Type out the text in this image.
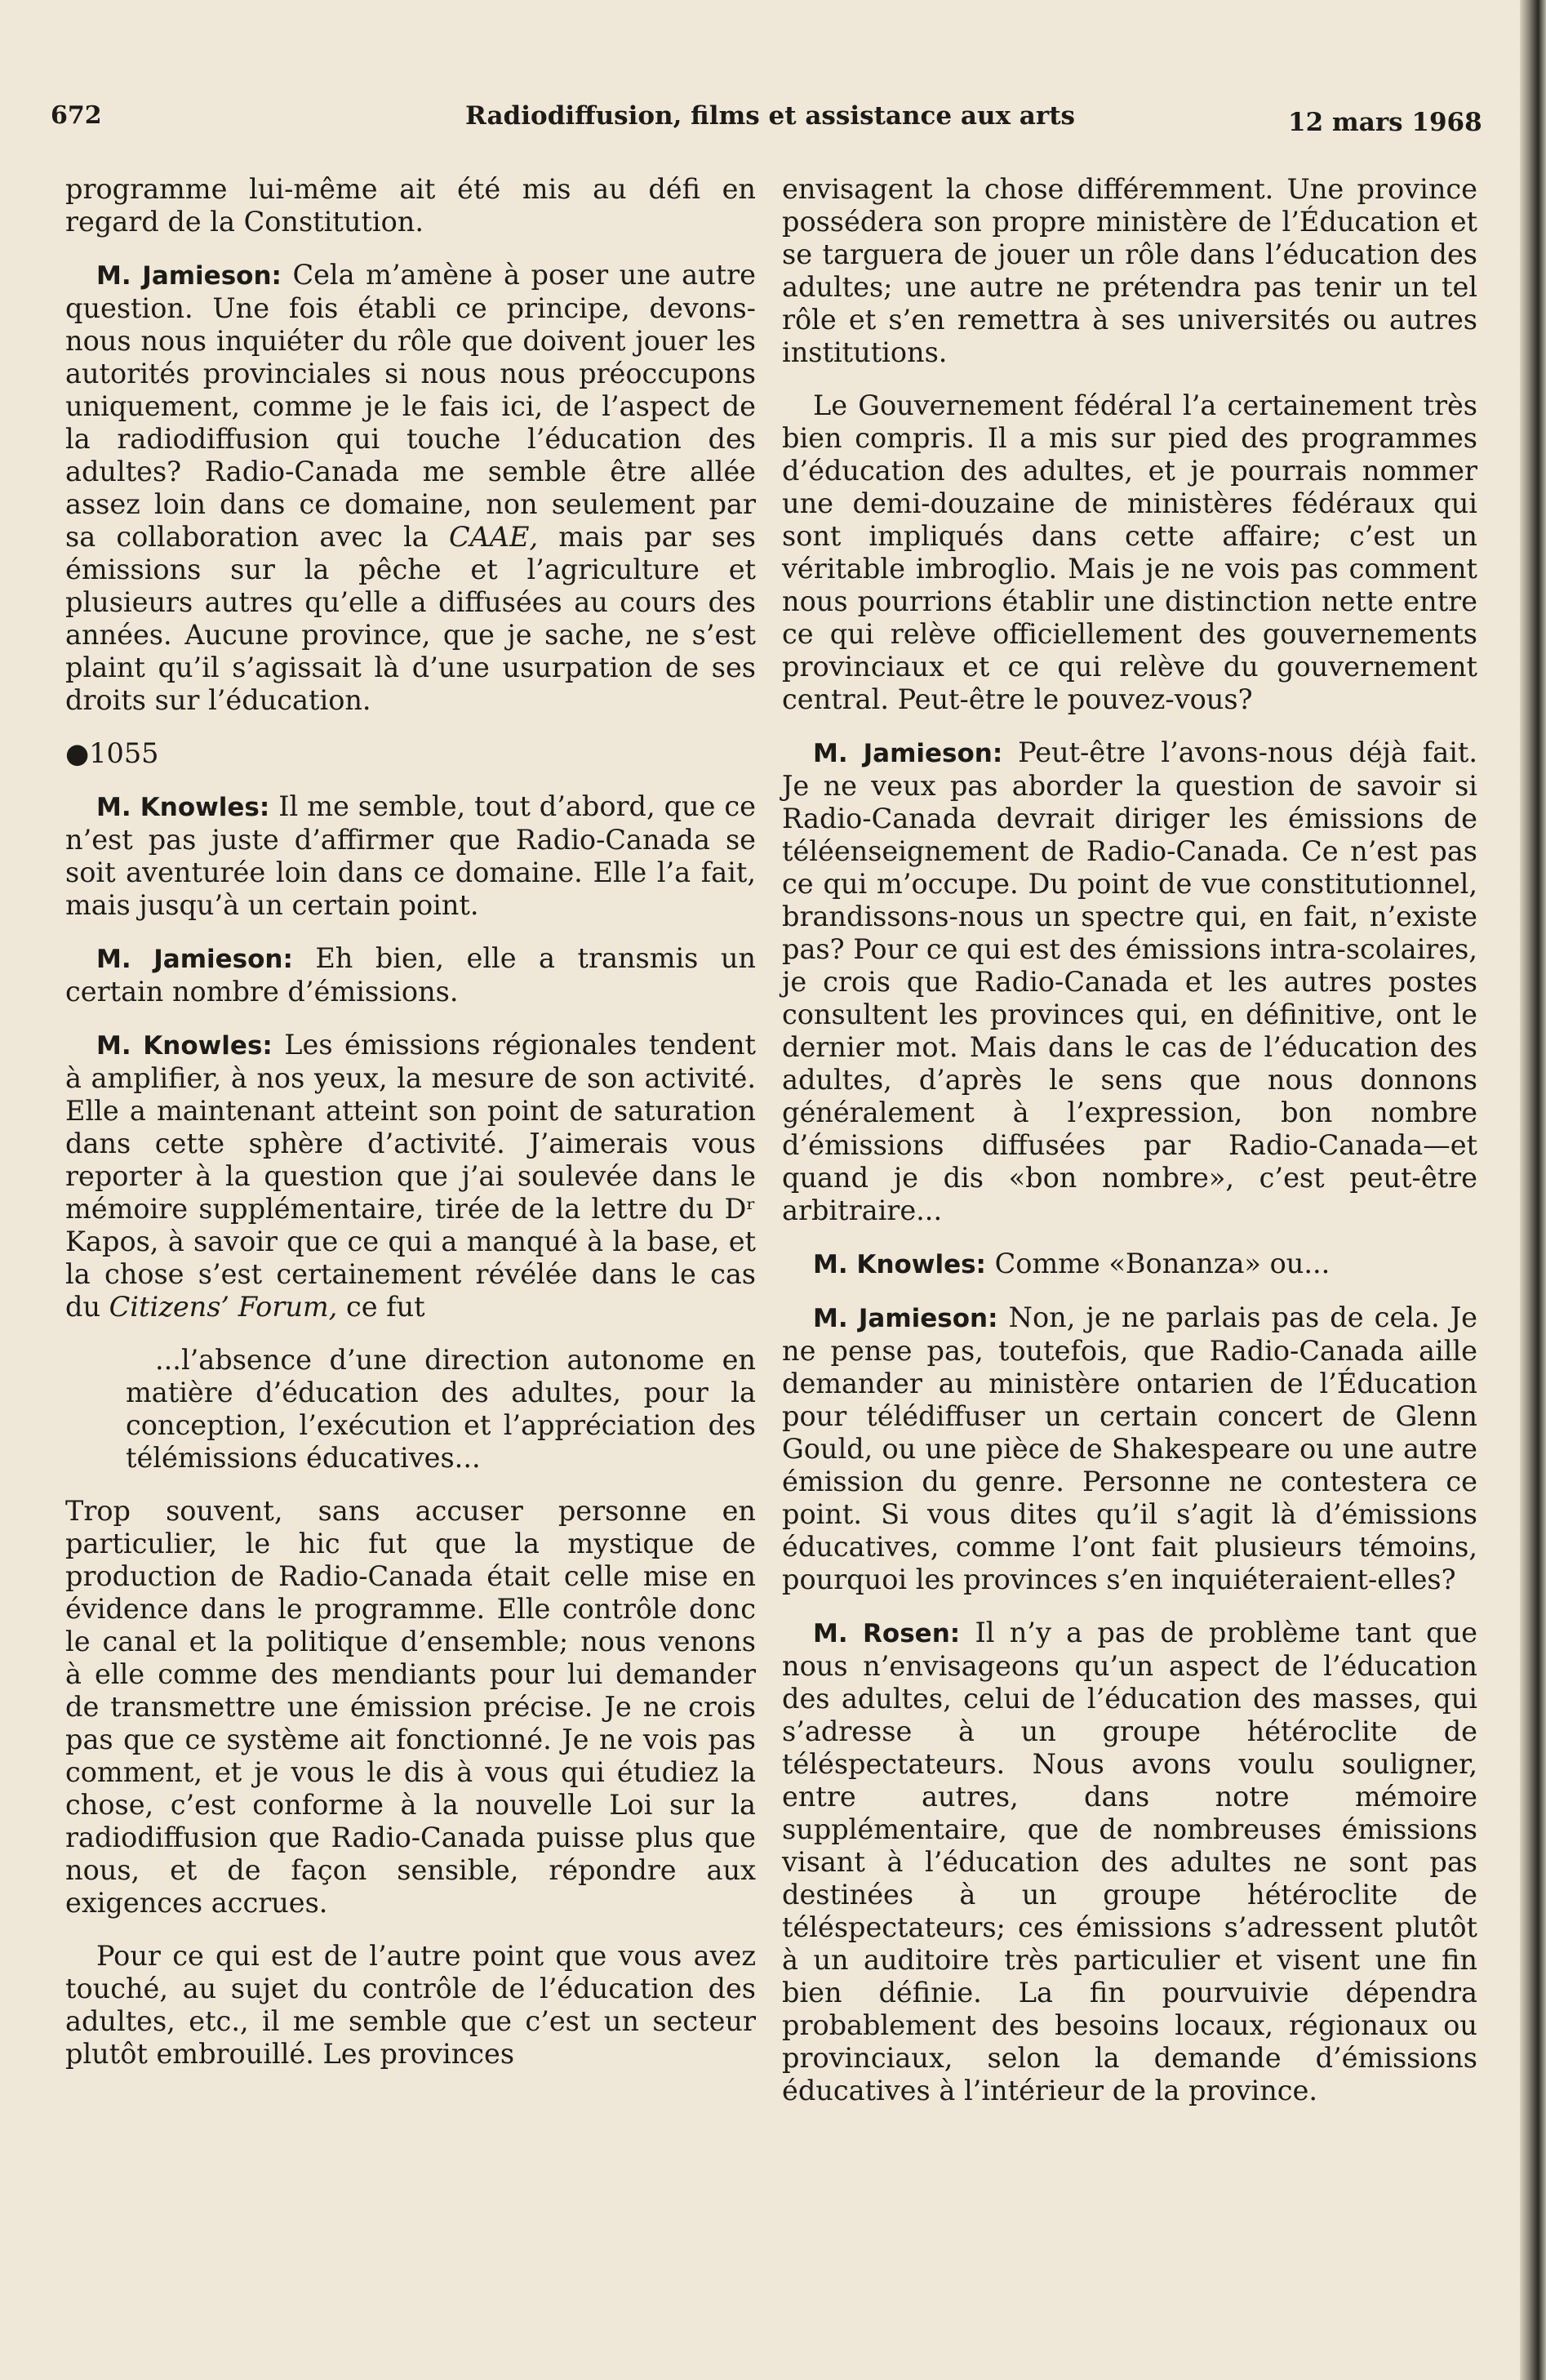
672	Radiodiffusion, films et assistance aux arts	12 mars 1968

programme lui-même ait été mis au défi en regard de la Constitution.

M. Jamieson: Cela m’amène à poser une autre question. Une fois établi ce principe, devons-nous nous inquiéter du rôle que doivent jouer les autorités provinciales si nous nous préoccupons uniquement, comme je le fais ici, de l’aspect de la radiodiffusion qui touche l’éducation des adultes? Radio-Canada me semble être allée assez loin dans ce domaine, non seulement par sa collaboration avec la CAAE, mais par ses émissions sur la pêche et l’agriculture et plusieurs autres qu’elle a diffusées au cours des années. Aucune province, que je sache, ne s’est plaint qu’il s’agissait là d’une usurpation de ses droits sur l’éducation.

●1055

M. Knowles: Il me semble, tout d’abord, que ce n’est pas juste d’affirmer que Radio-Canada se soit aventurée loin dans ce domaine. Elle l’a fait, mais jusqu’à un certain point.

M. Jamieson: Eh bien, elle a transmis un certain nombre d’émissions.

M. Knowles: Les émissions régionales tendent à amplifier, à nos yeux, la mesure de son activité. Elle a maintenant atteint son point de saturation dans cette sphère d’activité. J’aimerais vous reporter à la question que j’ai soulevée dans le mémoire supplémentaire, tirée de la lettre du Dʳ Kapos, à savoir que ce qui a manqué à la base, et la chose s’est certainement révélée dans le cas du Citizens’ Forum, ce fut

...l’absence d’une direction autonome en matière d’éducation des adultes, pour la conception, l’exécution et l’appréciation des télémissions éducatives...

Trop souvent, sans accuser personne en particulier, le hic fut que la mystique de production de Radio-Canada était celle mise en évidence dans le programme. Elle contrôle donc le canal et la politique d’ensemble; nous venons à elle comme des mendiants pour lui demander de transmettre une émission précise. Je ne crois pas que ce système ait fonctionné. Je ne vois pas comment, et je vous le dis à vous qui étudiez la chose, c’est conforme à la nouvelle Loi sur la radiodiffusion que Radio-Canada puisse plus que nous, et de façon sensible, répondre aux exigences accrues.

Pour ce qui est de l’autre point que vous avez touché, au sujet du contrôle de l’éducation des adultes, etc., il me semble que c’est un secteur plutôt embrouillé. Les provinces

envisagent la chose différemment. Une province possédera son propre ministère de l’Éducation et se targuera de jouer un rôle dans l’éducation des adultes; une autre ne prétendra pas tenir un tel rôle et s’en remettra à ses universités ou autres institutions.

Le Gouvernement fédéral l’a certainement très bien compris. Il a mis sur pied des programmes d’éducation des adultes, et je pourrais nommer une demi-douzaine de ministères fédéraux qui sont impliqués dans cette affaire; c’est un véritable imbroglio. Mais je ne vois pas comment nous pourrions établir une distinction nette entre ce qui relève officiellement des gouvernements provinciaux et ce qui relève du gouvernement central. Peut-être le pouvez-vous?

M. Jamieson: Peut-être l’avons-nous déjà fait. Je ne veux pas aborder la question de savoir si Radio-Canada devrait diriger les émissions de téléenseignement de Radio-Canada. Ce n’est pas ce qui m’occupe. Du point de vue constitutionnel, brandissons-nous un spectre qui, en fait, n’existe pas? Pour ce qui est des émissions intra-scolaires, je crois que Radio-Canada et les autres postes consultent les provinces qui, en définitive, ont le dernier mot. Mais dans le cas de l’éducation des adultes, d’après le sens que nous donnons généralement à l’expression, bon nombre d’émissions diffusées par Radio-Canada—et quand je dis «bon nombre», c’est peut-être arbitraire...

M. Knowles: Comme «Bonanza» ou...

M. Jamieson: Non, je ne parlais pas de cela. Je ne pense pas, toutefois, que Radio-Canada aille demander au ministère ontarien de l’Éducation pour télédiffuser un certain concert de Glenn Gould, ou une pièce de Shakespeare ou une autre émission du genre. Personne ne contestera ce point. Si vous dites qu’il s’agit là d’émissions éducatives, comme l’ont fait plusieurs témoins, pourquoi les provinces s’en inquiéteraient-elles?

M. Rosen: Il n’y a pas de problème tant que nous n’envisageons qu’un aspect de l’éducation des adultes, celui de l’éducation des masses, qui s’adresse à un groupe hétéroclite de téléspectateurs. Nous avons voulu souligner, entre autres, dans notre mémoire supplémentaire, que de nombreuses émissions visant à l’éducation des adultes ne sont pas destinées à un groupe hétéroclite de téléspectateurs; ces émissions s’adressent plutôt à un auditoire très particulier et visent une fin bien définie. La fin pourvuivie dépendra probablement des besoins locaux, régionaux ou provinciaux, selon la demande d’émissions éducatives à l’intérieur de la province.
